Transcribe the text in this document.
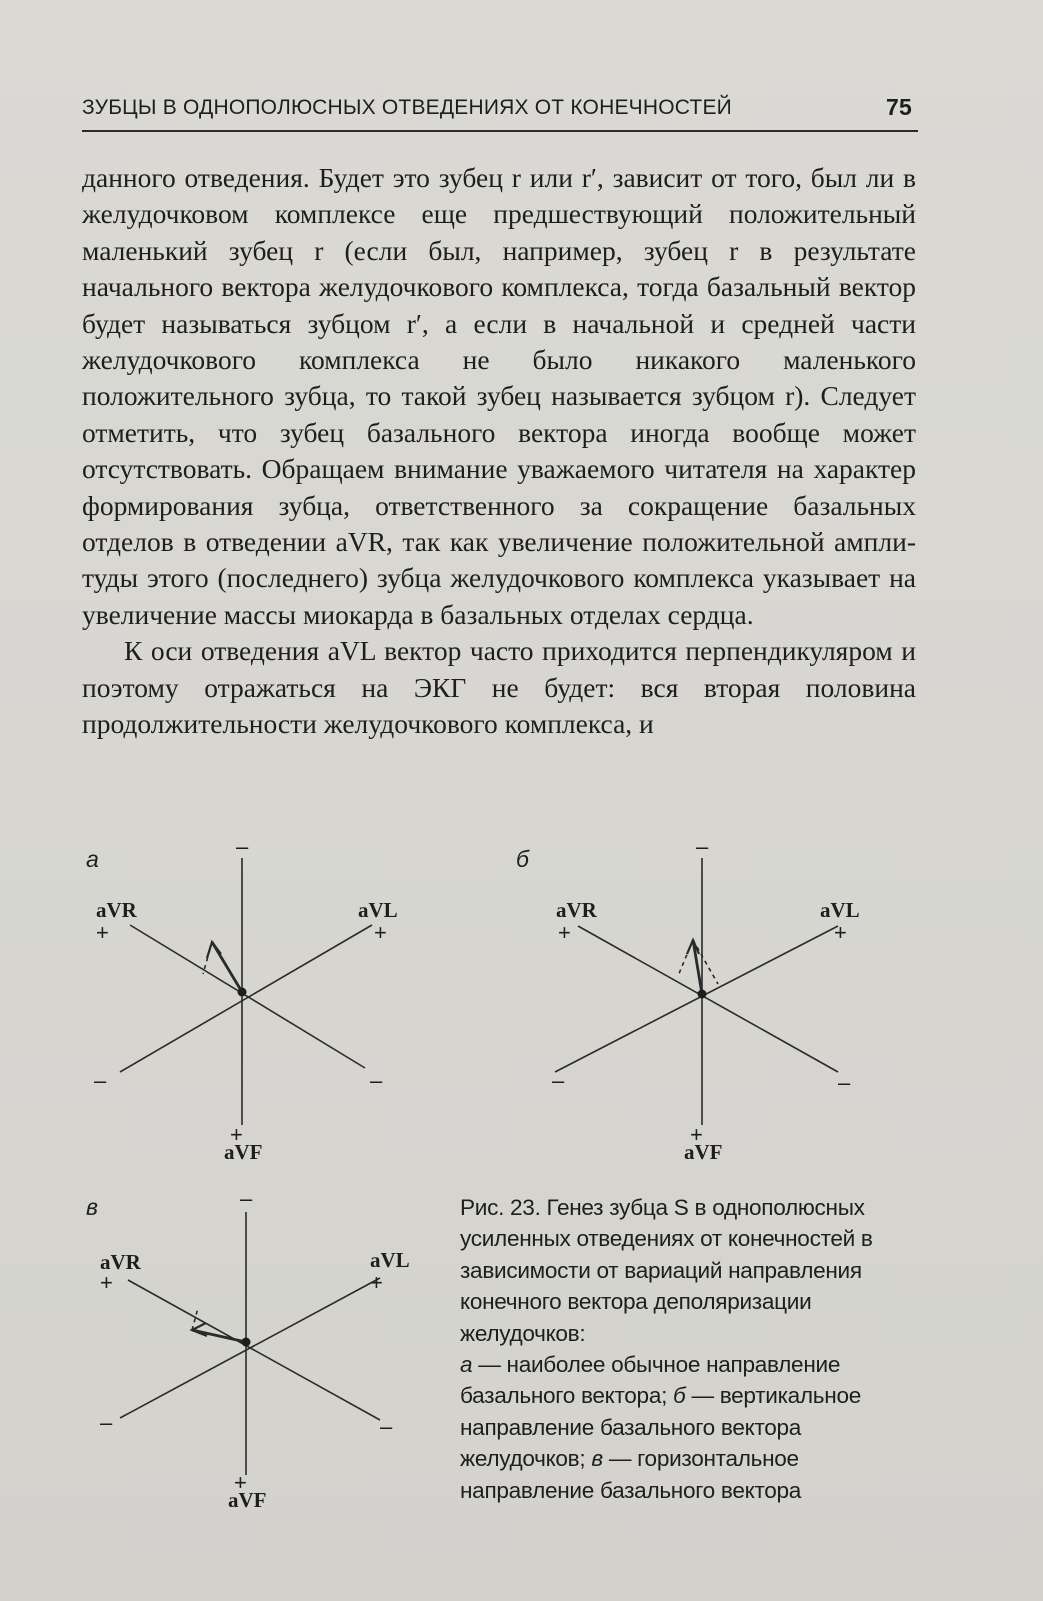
ЗУБЦЫ В ОДНОПОЛЮСНЫХ ОТВЕДЕНИЯХ ОТ КОНЕЧНОСТЕЙ	75

данного отведения. Будет это зубец r или r′, зависит от того, был ли в желудочковом комплексе еще предшествующий положительный маленький зубец r (если был, например, зубец r в результате начального вектора желудочкового комплекса, тогда базальный вектор будет называться зубцом r′, а если в начальной и средней части желудочкового комплекса не было никакого маленького положительного зубца, то такой зубец называется зубцом r). Следует отметить, что зубец базального вектора иногда вообще может отсутствовать. Обращаем внимание уважаемого читателя на характер формирования зубца, ответственного за сокращение базальных отделов в отведении aVR, так как увеличение положительной амплитуды этого (последнего) зубца желудочкового комплекса указывает на увеличение массы миокарда в базальных отделах сердца.

К оси отведения aVL вектор часто приходится перпендикуляром и поэтому отражаться на ЭКГ не будет: вся вторая половина продолжительности желудочкового комплекса, и

а
aVR
+
aVL
+
–
–	–
+
aVF
б
aVR
+
aVL
+
–
–	–
+
aVF
в
aVR
+
aVL
+
–
–	–
+
aVF

Рис. 23. Генез зубца S в однополюсных усиленных отведениях от конечностей в зависимости от вариаций направления конечного вектора деполяризации желудочков:

а — наиболее обычное направление базального вектора; б — вертикальное направление базального вектора желудочков; в — горизонтальное направление базального вектора
